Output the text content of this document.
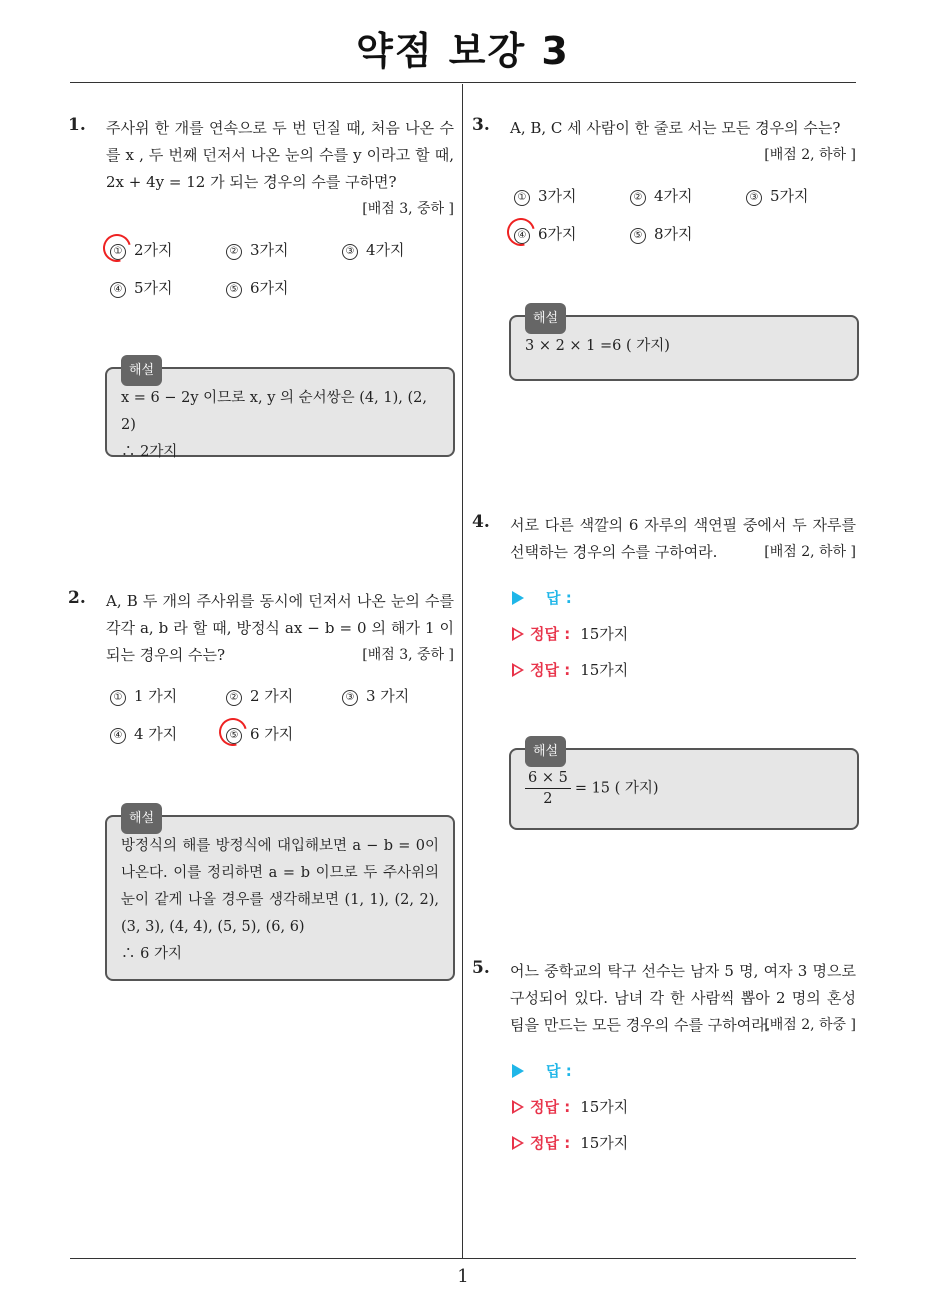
약점 보강 3
1
1. 주사위 한 개를 연속으로 두 번 던질 때, 처음 나온 수를 x , 두 번째 던저서 나온 눈의 수를 y 이라고 할 때, 2x + 4y = 12 가 되는 경우의 수를 구하면?

[배점 3, 중하 ]
① 2가지	② 3가지	③ 4가지
④ 5가지	⑤ 6가지
해설
x = 6 − 2y 이므로 x, y 의 순서쌍은 (4, 1), (2, 2)
∴ 2가지
2. A, B 두 개의 주사위를 동시에 던저서 나온 눈의 수를 각각 a, b 라 할 때, 방정식 ax − b = 0 의 해가 1 이 되는 경우의 수는?	[배점 3, 중하 ]
① 1 가지	② 2 가지	③ 3 가지
④ 4 가지	⑤ 6 가지
해설
방정식의 해를 방정식에 대입해보면 a − b = 0이 나온다. 이를 정리하면 a = b 이므로 두 주사위의 눈이 같게 나올 경우를 생각해보면 (1, 1), (2, 2), (3, 3), (4, 4), (5, 5), (6, 6)
∴ 6 가지
3. A, B, C 세 사람이 한 줄로 서는 모든 경우의 수는?

[배점 2, 하하 ]
① 3가지	② 4가지	③ 5가지
④ 6가지	⑤ 8가지
해설
3 × 2 × 1 =6 ( 가지)
4. 서로 다른 색깔의 6 자루의 색연필 중에서 두 자루를 선택하는 경우의 수를 구하여라.	[배점 2, 하하 ]
답 :
정답 : 15가지
정답 : 15가지
해설
$\frac{6 \times 5}{2} = 15$ ( 가지)
5. 어느 중학교의 탁구 선수는 남자 5 명, 여자 3 명으로 구성되어 있다. 남녀 각 한 사람씩 뽑아 2 명의 혼성팀을 만드는 모든 경우의 수를 구하여라.

[배점 2, 하중 ]
답 :
정답 : 15가지
정답 : 15가지
